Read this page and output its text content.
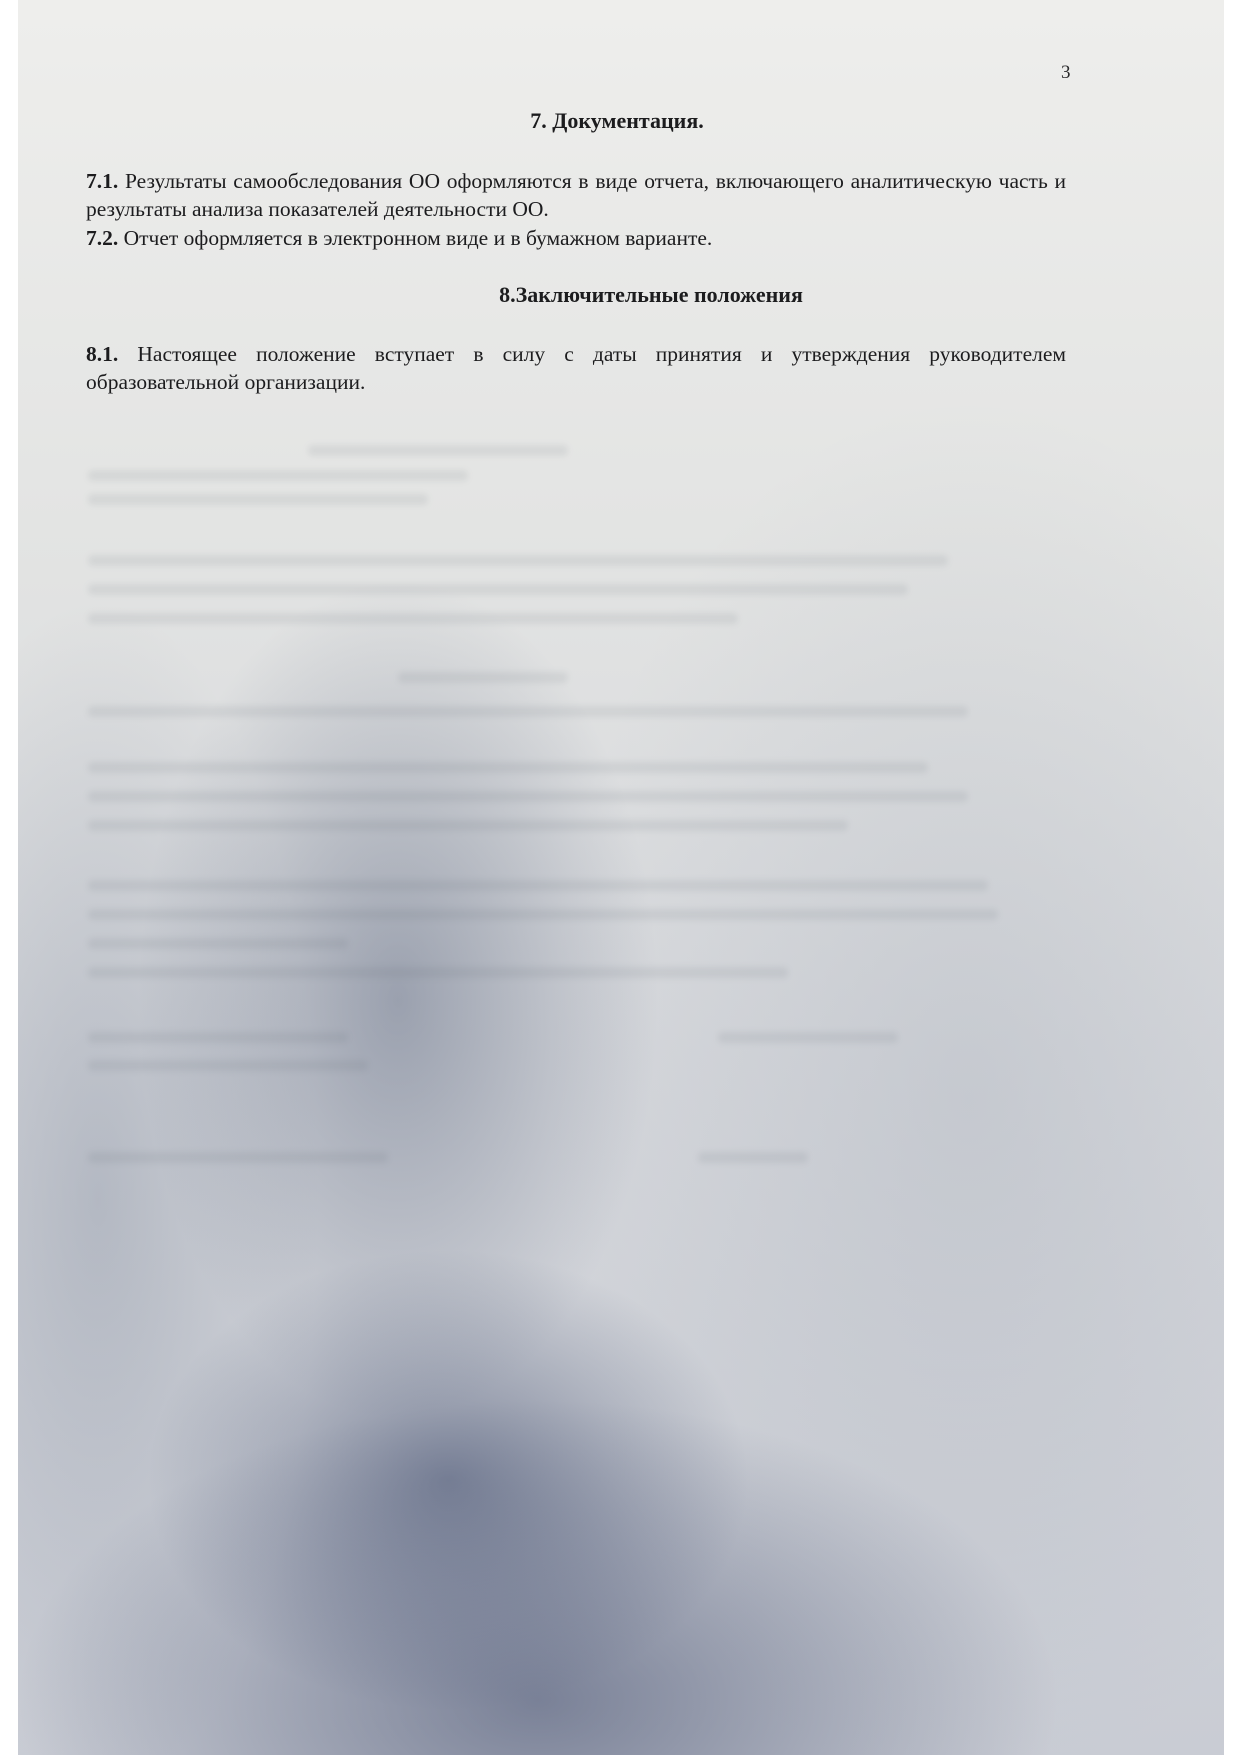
3
7. Документация.
7.1. Результаты самообследования ОО оформляются в виде отчета, включающего аналитическую часть и результаты анализа показателей деятельности ОО.
7.2. Отчет оформляется в электронном виде и в бумажном варианте.
8.Заключительные положения
8.1. Настоящее положение вступает в силу с даты принятия и утверждения руководителем образовательной организации.
